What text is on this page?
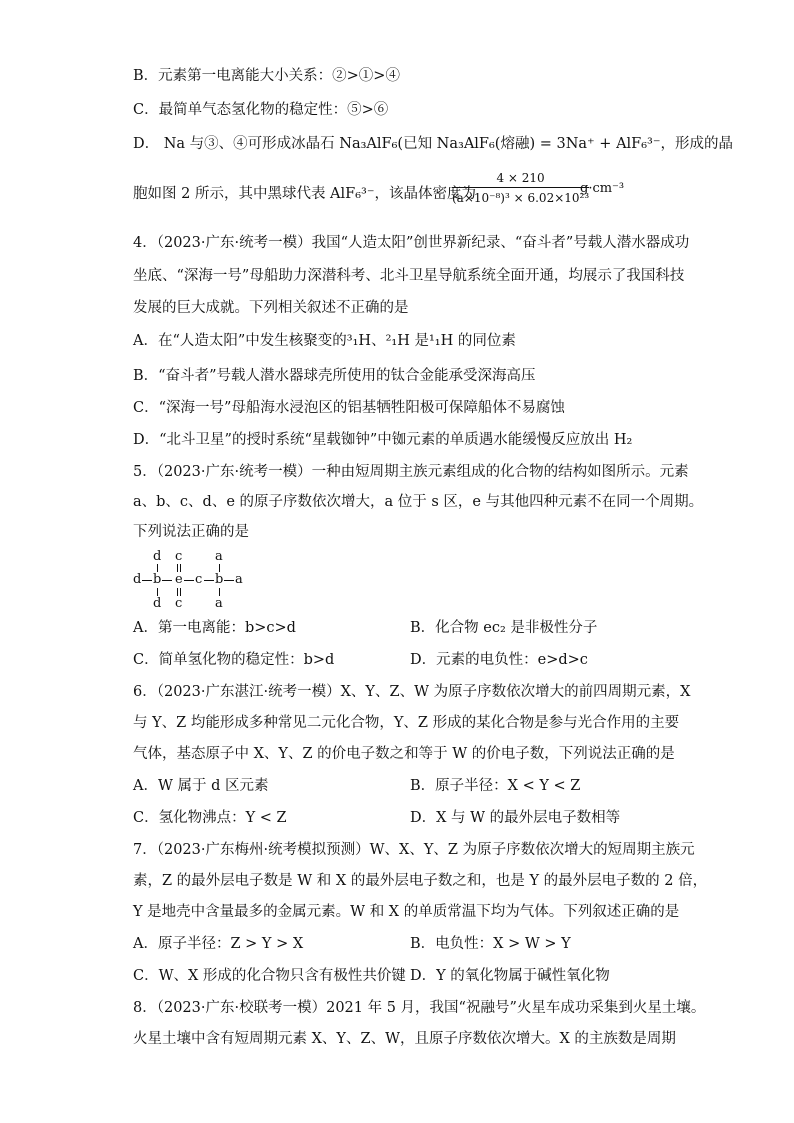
B．元素第一电离能大小关系：②>①>④
C．最简单气态氢化物的稳定性：⑤>⑥
D． Na 与③、④可形成冰晶石 Na₃AlF₆(已知 Na₃AlF₆(熔融) = 3Na⁺ + AlF₆³⁻，形成的晶
胞如图 2 所示，其中黑球代表 AlF₆³⁻，该晶体密度为
$\frac{4 \times 210}{\text{(a×10⁻⁸)³ × 6.02×10²³}}$
g·cm⁻³
4．（2023·广东·统考一模）我国“人造太阳”创世界新纪录、“奋斗者”号载人潜水器成功
坐底、“深海一号”母船助力深潜科考、北斗卫星导航系统全面开通，均展示了我国科技
发展的巨大成就。下列相关叙述不正确的是
A．在“人造太阳”中发生核聚变的³₁H、²₁H 是¹₁H 的同位素
B．“奋斗者”号载人潜水器球壳所使用的钛合金能承受深海高压
C．“深海一号”母船海水浸泡区的铝基牺牲阳极可保障船体不易腐蚀
D．“北斗卫星”的授时系统“星载铷钟”中铷元素的单质遇水能缓慢反应放出 H₂
5．（2023·广东·统考一模）一种由短周期主族元素组成的化合物的结构如图所示。元素
a、b、c、d、e 的原子序数依次增大，a 位于 s 区，e 与其他四种元素不在同一个周期。
下列说法正确的是
d c	a
d b e c b a
d c	a
A．第一电离能：b>c>d	B．化合物 ec₂ 是非极性分子
C．简单氢化物的稳定性：b>d	D．元素的电负性：e>d>c
6．（2023·广东湛江·统考一模）X、Y、Z、W 为原子序数依次增大的前四周期元素，X
与 Y、Z 均能形成多种常见二元化合物，Y、Z 形成的某化合物是参与光合作用的主要
气体，基态原子中 X、Y、Z 的价电子数之和等于 W 的价电子数，下列说法正确的是
A．W 属于 d 区元素	B．原子半径：X < Y < Z
C．氢化物沸点：Y < Z	D．X 与 W 的最外层电子数相等
7．（2023·广东梅州·统考模拟预测）W、X、Y、Z 为原子序数依次增大的短周期主族元
素，Z 的最外层电子数是 W 和 X 的最外层电子数之和，也是 Y 的最外层电子数的 2 倍，
Y 是地壳中含量最多的金属元素。W 和 X 的单质常温下均为气体。下列叙述正确的是
A．原子半径：Z > Y > X	B．电负性：X > W > Y
C．W、X 形成的化合物只含有极性共价键 D．Y 的氧化物属于碱性氧化物
8．（2023·广东·校联考一模）2021 年 5 月，我国“祝融号”火星车成功采集到火星土壤。
火星土壤中含有短周期元素 X、Y、Z、W，且原子序数依次增大。X 的主族数是周期
